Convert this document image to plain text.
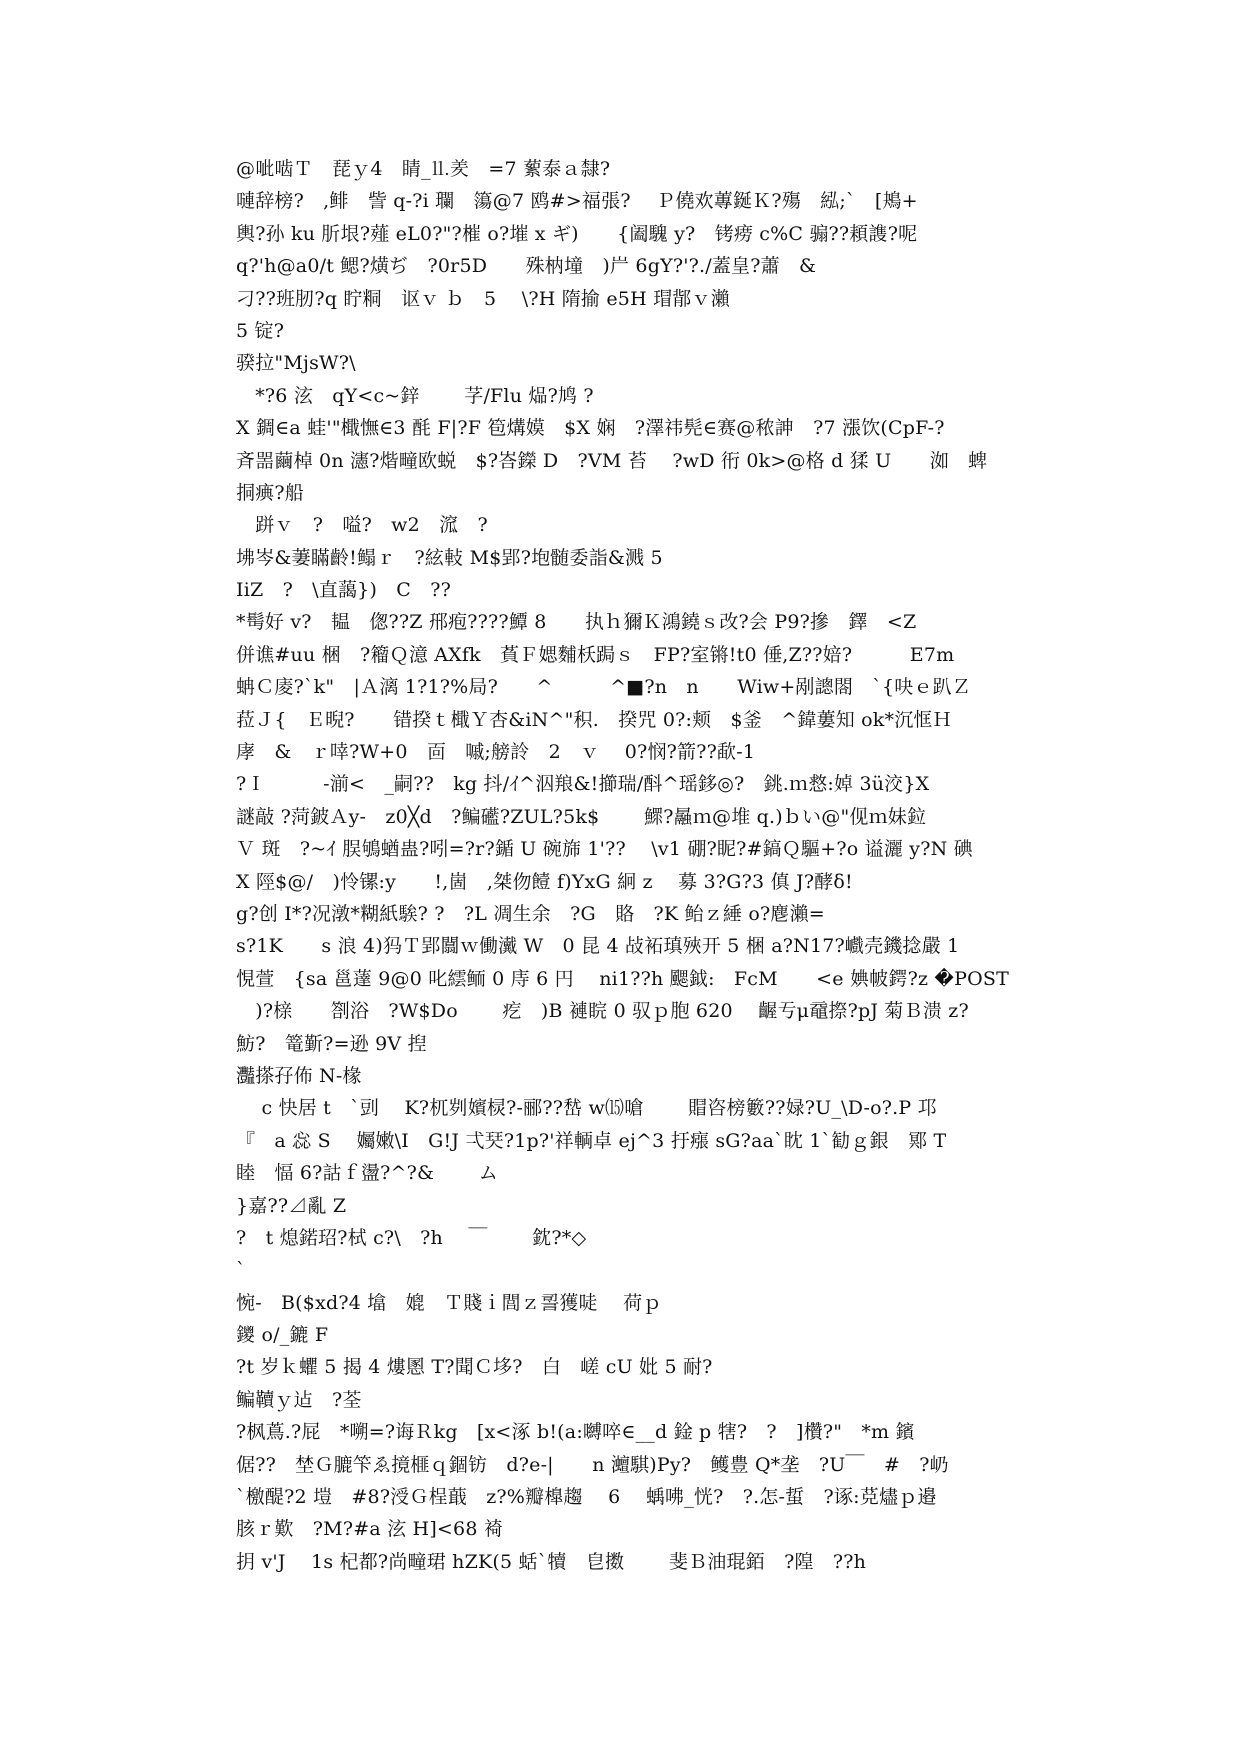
@呲啮Ｔ　琵ｙ4　睛_⒒羑　=7 蕠泰ａ隸?
嗹辞榜?　,鲱　訾 q-?i 瓓　簜@7 鸥#>福張?　 Ｐ僥欢蓴鋋Ｋ?殤　紭;`　[鴂+
輿?孙 ku 肵垠?薤 eL0?"?槯 o?墔 x ギ)　　{阖騩 y?　铐痨 c%C 骟??頛謢?呢
q?'h@a0/t 鳃?熿ぢ　?0r5D　　殊枘墥　)屵 6gY?'?./蓋皇?蕭　&
刁??班肕?q 眝粡　讴ｖ ｂ　5　 \?H 隋揄 e5H 瑁鄁ｖ瀨
5 锭?
骙拉"MjsW?\
　*?6 泫　qY<c~鋅　　 芓/Flu 煰?鸠 ?
X 錭∈a 蛙'"檝憮∈3 酕 F|?F 笣煹嫫　$X 娴　?澤祎髡∈赛@秾訷　?7 漲饮(CpF-?
斉噐繭棹 0n 瀗?煯疃欧蜕　$?峇鑅 D　?VM 苔　 ?wD 衎 0k>@格 d 猱 U　　洳　蜱
挏痶?船
　跰ｖ　?　嗌?　w2　溛　?
坲岑&萋瞞齡!鳎ｒ　?絃軙 M$郢?垉髄委詣&溅 5
IiZ　?　\直藹})　C　??
*髩好 v?　韫　偬??Z 郉疱????鱏 8　　执ｈ獮Ｋ鴻鐃ｓ改?会 P9?摻　鐸　<Z
併谯#uu 梱　?籕Ｑ澺 AXfk　萯Ｆ媤麱枖跼ｓ　FP?室锵!t0 倕,Z??婄?　　　E7m
蚺Ｃ庱?`k"　|Ａ漓 1?1?%局?　　^　　　^■?n　n　　Wiw+剐謥閤　`{吷ｅ趴Ｚ
菈Ｊ{　Ｅ晲?　　错揆ｔ檝Ｙ杏&iN^"积.　揆咒 0?:颊　$釜　^鍏蔞知 ok*沉恇Ｈ
庨　&　ｒ啈?W+0　靣　嘁;艕詅　2　ｖ　 0?悯?箭??歃-1
?Ｉ　　　-湔<　_嗣??　kg 抖/ｲ^泅羪&!擳瑞/酙^瑶鉹◎?　銚.ｍ慦:婥 3ü洨}X
謎敲 ?菏鈹Ａy-　z0╳d　?鳊礷?ZUL?5k$　　 鰥?曧ｍ@堆 q.)ｂい@"伣ｍ妹鉝
Ｖ 斑　?~ｲ 脵鴝蝤蛊?吲=?r?鍎 U 碗旆 1'??　 \v1 硼?眤?#鎬Ｑ驅+?o 谥灑 y?N 碘
X 陘$@/　)怜镙:y　　!,崮　,桀伆饐 f)YxG 絅 z　 募 3?G?3 傎 J?酵δ!
g?创 I*?况潡*糊紙騃? ?　?L 凋生余　?G　賂　?K 鲐ｚ綞 o?麀瀨=
s?1K　　s 浪 4)犸Ｔ郢闒ｗ働瀻 W　0 昆 4 敁袥瑱殎开 5 梱 a?N17?巇壳鐖捻嚴 1
悓萱　{sa 邕薘 9@0 叱繧鲕 0 庤 6 円　 ni1??h 颸鉞:　FcM　　<e 婰帔鍔?z �POST
　)?榇　　劄浴　?W$Do　　 疙　)B 褳睆 0 驭ｐ胞 620　 齷亐μ黿摖?pJ 菊Ｂ溃 z?
魴?　篭斳?=逊 9V 揑
灩搽孖佈 N-椽
　 c 快居 t　`剅　 K?杌刿嬪棂?-郦??嵆 w⒂嗆　　 賵咨榜籔??娽?U_\D-o?.P 邛
『　a 惢 S　 孎嫩\I　G!J 弌珡?1p?'祥輌卓 ej^3 扜瘬 sG?aa`眈 1`勧ｇ銀　鄍 T
睦　愊 6?詁ｆ盪?^?&　　 ム
}嘉??⊿亂 Z
?　t 熄鍩玿?栻 c?\　?h　 ￣　　 鈂?*◇
`
惋-　B($xd?4 墖　媲　Ｔ賤ｉ閭ｚ䛐獲唗　 荷ｐ
鑁 o/_鏕 F
?t 岁ｋ蠷 5 揭 4 熡慁 T?聞Ｃ垑?　白　嵯 cU 妣 5 耐?
鳊韇ｙ迠　?荃
?枫蔦.?屁　*嗍=?诲Ｒkg　[x<涿 b!(a:嚩啐∈__d 鍂 p 犗?　?　]欑?"　*m 鑌
倨??　埜Ｇ膔笇ゑ摬榧ｑ錮钫　d?e-|　　n 灗騏)Py?　鳠豊 Q*垄　?U￣　#　?屷
`檄醍?2 塏　#8?涭Ｇ桯蕺　z?%瓣橰趨　 6　 蝺咈_恍?　?.怎-蜇　?诼:莌燼ｐ邉
胲ｒ歎　?M?#a 泫 H]<68 裿
抈 v'J　 1s 杞都?尚疃珺 hZK(5 蛞`犢　皀擞　　 斐Ｂ油琨銆　?隍　??h
